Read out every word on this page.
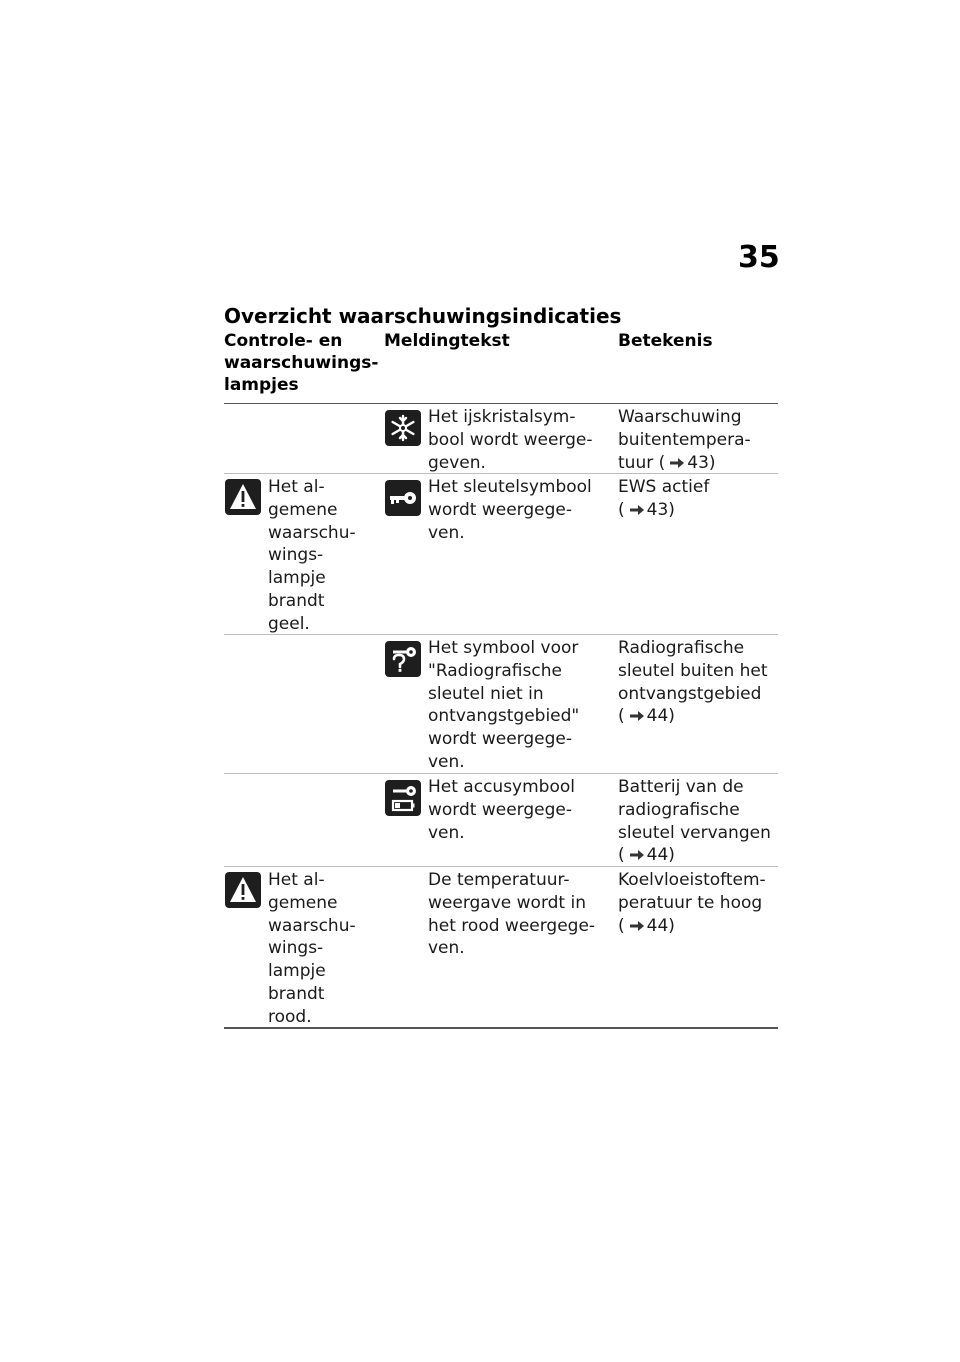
35
Overzicht waarschuwingsindicaties
Controle- en
waarschuwings-
lampjes
Meldingtekst	Betekenis
Het ijskristalsym-
bool wordt weerge-
geven.
Waarschuwing
buitentempera-
tuur ( 43)
Het al-
gemene
waarschu-
wings-
lampje
brandt
geel.
Het sleutelsymbool
wordt weergege-
ven.
EWS actief
( 43)
Het symbool voor
"Radiografische
sleutel niet in
ontvangstgebied"
wordt weergege-
ven.
Radiografische
sleutel buiten het
ontvangstgebied
( 44)
Het accusymbool
wordt weergege-
ven.
Batterij van de
radiografische
sleutel vervangen
( 44)
Het al-
gemene
waarschu-
wings-
lampje
brandt
rood.
De temperatuur-
weergave wordt in
het rood weergege-
ven.
Koelvloeistoftem-
peratuur te hoog
( 44)
